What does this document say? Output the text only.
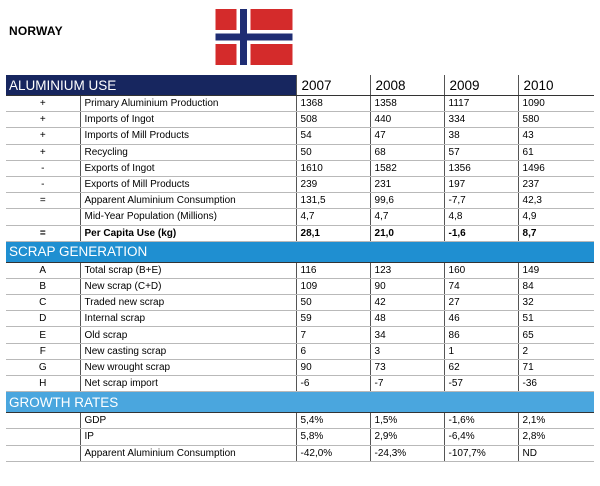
NORWAY
ALUMINIUM USE		2007	2008	2009	2010
+	Primary Aluminium Production	1368	1358	1117	1090
+	Imports of Ingot	508	440	334	580
+	Imports of Mill Products	54	47	38	43
+	Recycling	50	68	57	61
-	Exports of Ingot	1610	1582	1356	1496
-	Exports of Mill Products	239	231	197	237
=	Apparent Aluminium Consumption	131,5	99,6	-7,7	42,3
	Mid-Year Population (Millions)	4,7	4,7	4,8	4,9
=	Per Capita Use (kg)	28,1	21,0	-1,6	8,7
SCRAP GENERATION					
A	Total scrap (B+E)	116	123	160	149
B	New scrap (C+D)	109	90	74	84
C	Traded new scrap	50	42	27	32
D	Internal scrap	59	48	46	51
E	Old scrap	7	34	86	65
F	New casting scrap	6	3	1	2
G	New wrought scrap	90	73	62	71
H	Net scrap import	-6	-7	-57	-36
GROWTH RATES					
	GDP	5,4%	1,5%	-1,6%	2,1%
	IP	5,8%	2,9%	-6,4%	2,8%
	Apparent Aluminium Consumption	-42,0%	-24,3%	-107,7%	ND
